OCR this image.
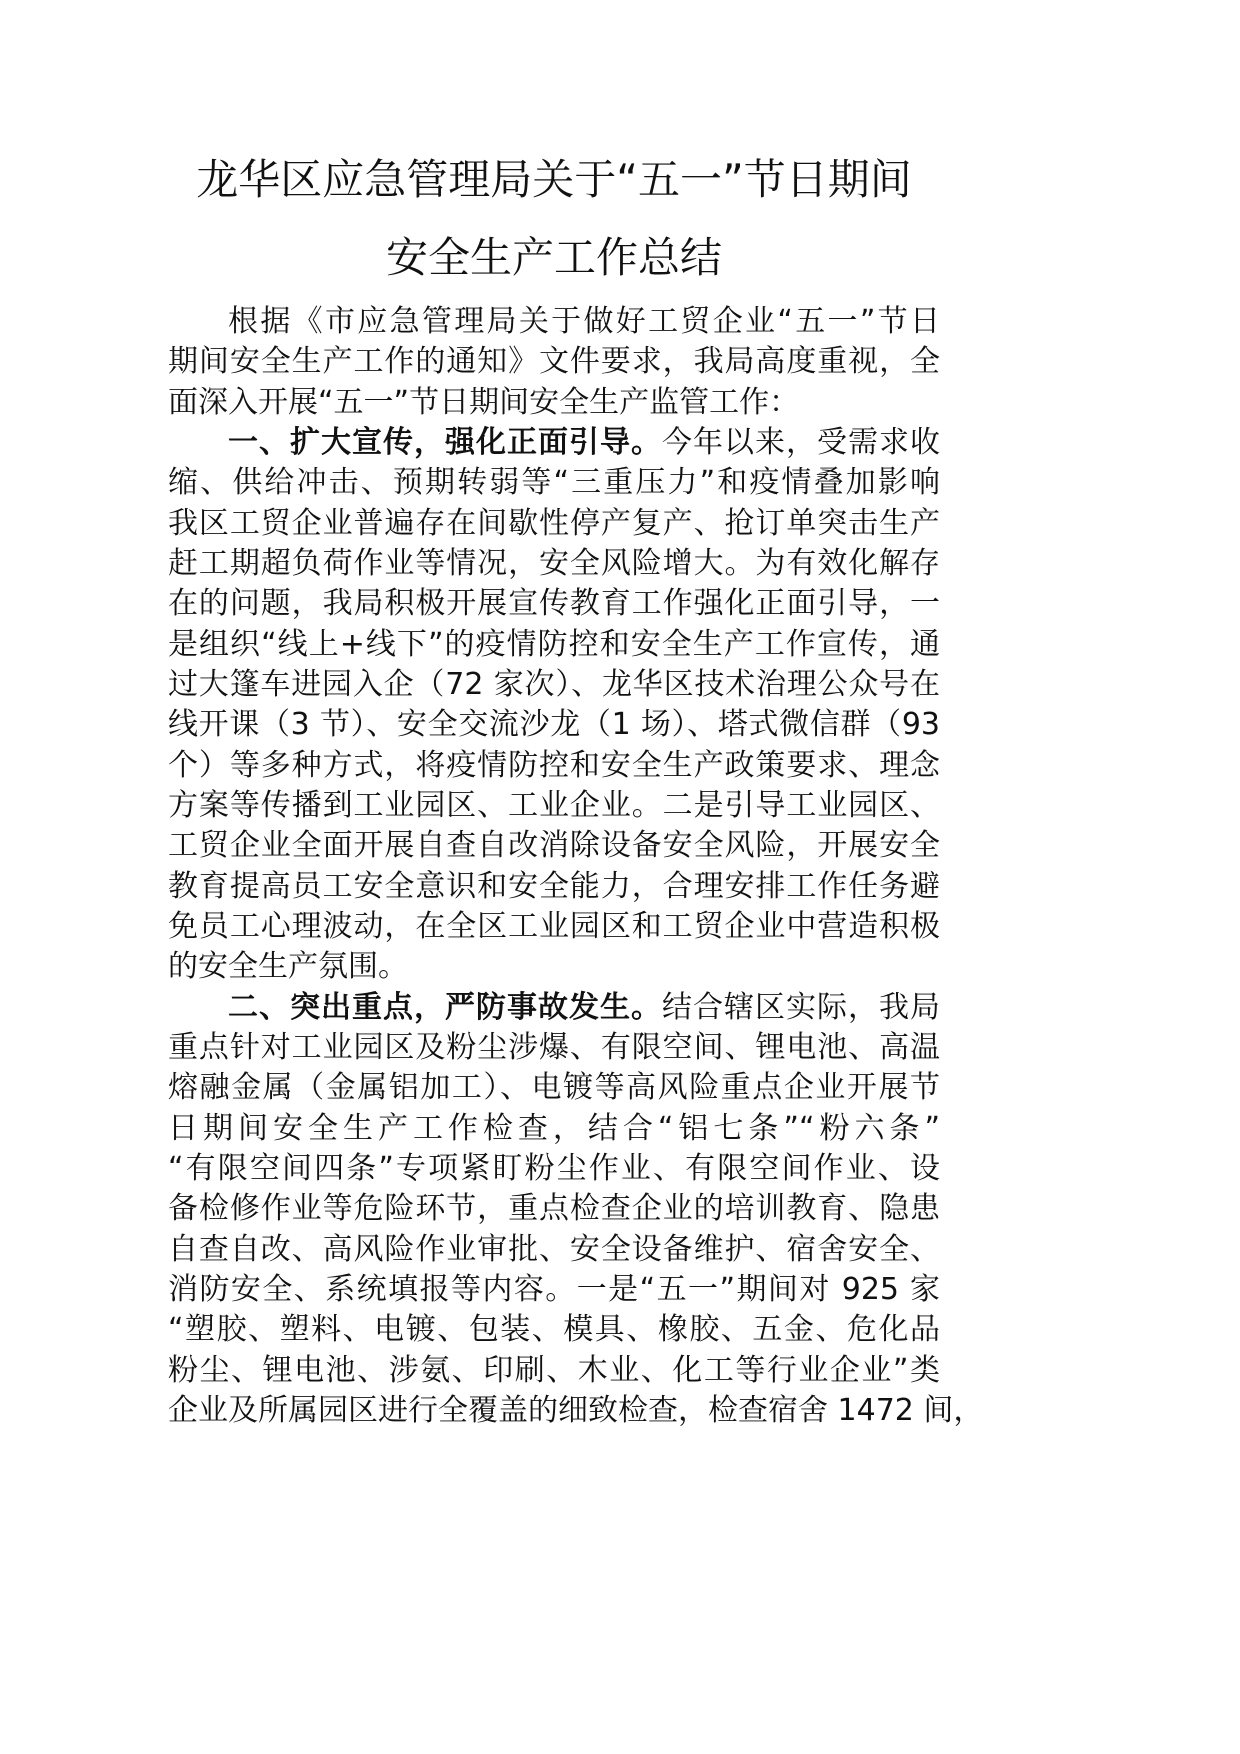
龙华区应急管理局关于“五一”节日期间
安全生产工作总结
根据《市应急管理局关于做好工贸企业“五一”节日
期间安全生产工作的通知》文件要求，我局高度重视，全
面深入开展“五一”节日期间安全生产监管工作：
一、扩大宣传，强化正面引导。今年以来，受需求收
缩、供给冲击、预期转弱等“三重压力”和疫情叠加影响
我区工贸企业普遍存在间歇性停产复产、抢订单突击生产
赶工期超负荷作业等情况，安全风险增大。为有效化解存
在的问题，我局积极开展宣传教育工作强化正面引导，一
是组织“线上+线下”的疫情防控和安全生产工作宣传，通
过大篷车进园入企（72 家次）、龙华区技术治理公众号在
线开课（3 节）、安全交流沙龙（1 场）、塔式微信群（93
个）等多种方式，将疫情防控和安全生产政策要求、理念
方案等传播到工业园区、工业企业。二是引导工业园区、
工贸企业全面开展自查自改消除设备安全风险，开展安全
教育提高员工安全意识和安全能力，合理安排工作任务避
免员工心理波动，在全区工业园区和工贸企业中营造积极
的安全生产氛围。
二、突出重点，严防事故发生。结合辖区实际，我局
重点针对工业园区及粉尘涉爆、有限空间、锂电池、高温
熔融金属（金属铝加工）、电镀等高风险重点企业开展节
日期间安全生产工作检查，结合“铝七条”“粉六条”
“有限空间四条”专项紧盯粉尘作业、有限空间作业、设
备检修作业等危险环节，重点检查企业的培训教育、隐患
自查自改、高风险作业审批、安全设备维护、宿舍安全、
消防安全、系统填报等内容。一是“五一”期间对 925 家
“塑胶、塑料、电镀、包装、模具、橡胶、五金、危化品
粉尘、锂电池、涉氨、印刷、木业、化工等行业企业”类
企业及所属园区进行全覆盖的细致检查，检查宿舍 1472 间，
